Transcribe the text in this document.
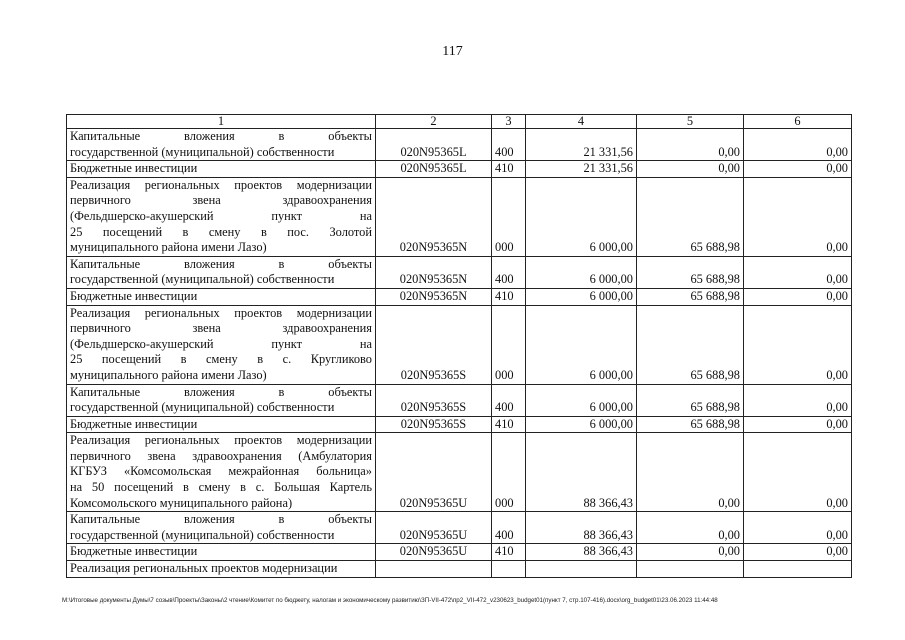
117
1	2	3	4	5	6

Капитальные вложения в объекты
государственной (муниципальной) собственности	020N95365L	400	21 331,56	0,00	0,00

Бюджетные инвестиции	020N95365L	410	21 331,56	0,00	0,00

Реализация региональных проектов модернизации
первичного звена здравоохранения
(Фельдшерско-акушерский пункт на
25 посещений в смену в пос. Золотой
муниципального района имени Лазо)	020N95365N	000	6 000,00	65 688,98	0,00

Капитальные вложения в объекты
государственной (муниципальной) собственности	020N95365N	400	6 000,00	65 688,98	0,00

Бюджетные инвестиции	020N95365N	410	6 000,00	65 688,98	0,00

Реализация региональных проектов модернизации
первичного звена здравоохранения
(Фельдшерско-акушерский пункт на
25 посещений в смену в с. Кругликово
муниципального района имени Лазо)	020N95365S	000	6 000,00	65 688,98	0,00

Капитальные вложения в объекты
государственной (муниципальной) собственности	020N95365S	400	6 000,00	65 688,98	0,00

Бюджетные инвестиции	020N95365S	410	6 000,00	65 688,98	0,00

Реализация региональных проектов модернизации
первичного звена здравоохранения (Амбулатория
КГБУЗ «Комсомольская межрайонная больница»
на 50 посещений в смену в с. Большая Картель
Комсомольского муниципального района)	020N95365U	000	88 366,43	0,00	0,00

Капитальные вложения в объекты
государственной (муниципальной) собственности	020N95365U	400	88 366,43	0,00	0,00

Бюджетные инвестиции	020N95365U	410	88 366,43	0,00	0,00

Реализация региональных проектов модернизации					

M:\Итоговые документы Думы\7 созыв\Проекты\Законы\2 чтение\Комитет по бюджету, налогам и экономическому развитию\ЗП-VII-472\пр2_VII-472_v230623_budget01(пункт 7, стр.107-416).docx\org_budget01\23.06.2023 11:44:48
